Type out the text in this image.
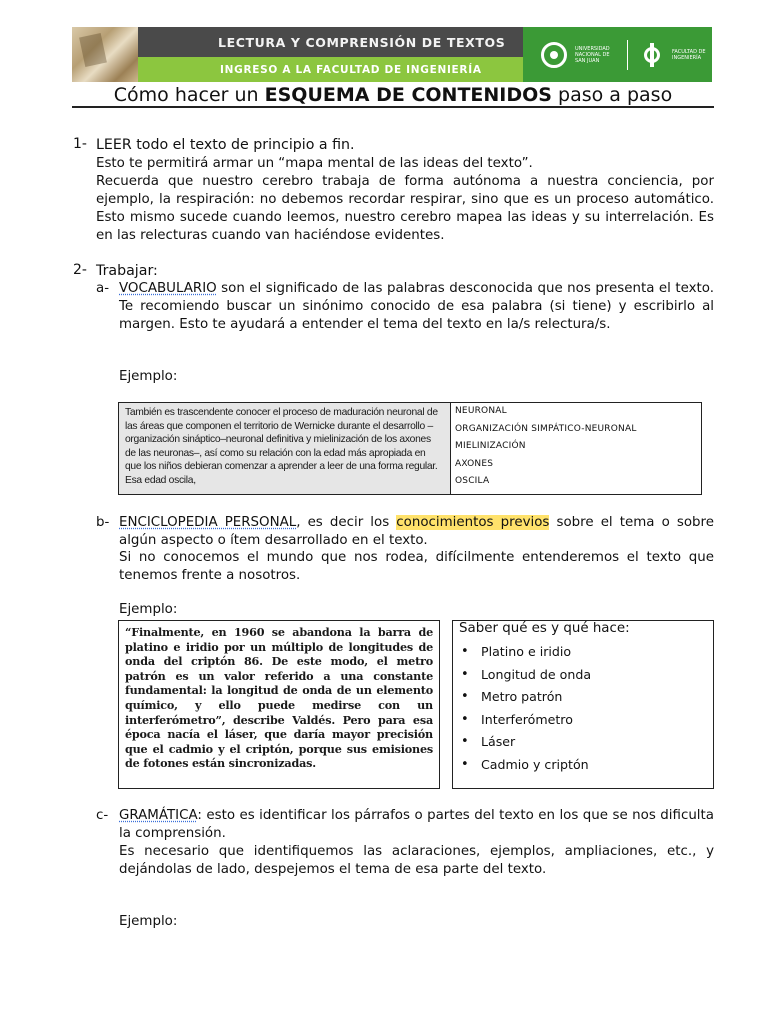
LECTURA Y COMPRENSIÓN DE TEXTOS
INGRESO A LA FACULTAD DE INGENIERÍA
UNIVERSIDAD NACIONAL DE SAN JUAN
FACULTAD DE INGENIERÍA
Cómo hacer un ESQUEMA DE CONTENIDOS paso a paso
1- LEER todo el texto de principio a fin.
Esto te permitirá armar un “mapa mental de las ideas del texto”.
Recuerda que nuestro cerebro trabaja de forma autónoma a nuestra conciencia, por ejemplo, la respiración: no debemos recordar respirar, sino que es un proceso automático. Esto mismo sucede cuando leemos, nuestro cerebro mapea las ideas y su interrelación. Es en las relecturas cuando van haciéndose evidentes.
2- Trabajar:
a- VOCABULARIO son el significado de las palabras desconocida que nos presenta el texto. Te recomiendo buscar un sinónimo conocido de esa palabra (si tiene) y escribirlo al margen. Esto te ayudará a entender el tema del texto en la/s relectura/s.
Ejemplo:
También es trascendente conocer el proceso de maduración neuronal de las áreas que componen el territorio de Wernicke durante el desarrollo –organización sináptico–neuronal definitiva y mielinización de los axones de las neuronas–, así como su relación con la edad más apropiada en que los niños debieran comenzar a aprender a leer de una forma regular. Esa edad oscila,
NEURONAL
ORGANIZACIÓN SIMPÁTICO-NEURONAL
MIELINIZACIÓN
AXONES
OSCILA
b- ENCICLOPEDIA PERSONAL, es decir los conocimientos previos sobre el tema o sobre algún aspecto o ítem desarrollado en el texto.
Si no conocemos el mundo que nos rodea, difícilmente entenderemos el texto que tenemos frente a nosotros.
Ejemplo:
“Finalmente, en 1960 se abandona la barra de platino e iridio por un múltiplo de longitudes de onda del criptón 86. De este modo, el metro patrón es un valor referido a una constante fundamental: la longitud de onda de un elemento químico, y ello puede medirse con un interferómetro”, describe Valdés. Pero para esa época nacía el láser, que daría mayor precisión que el cadmio y el criptón, porque sus emisiones de fotones están sincronizadas.
Saber qué es y qué hace:
• Platino e iridio
• Longitud de onda
• Metro patrón
• Interferómetro
• Láser
• Cadmio y criptón
c- GRAMÁTICA: esto es identificar los párrafos o partes del texto en los que se nos dificulta la comprensión.
Es necesario que identifiquemos las aclaraciones, ejemplos, ampliaciones, etc., y dejándolas de lado, despejemos el tema de esa parte del texto.
Ejemplo:
